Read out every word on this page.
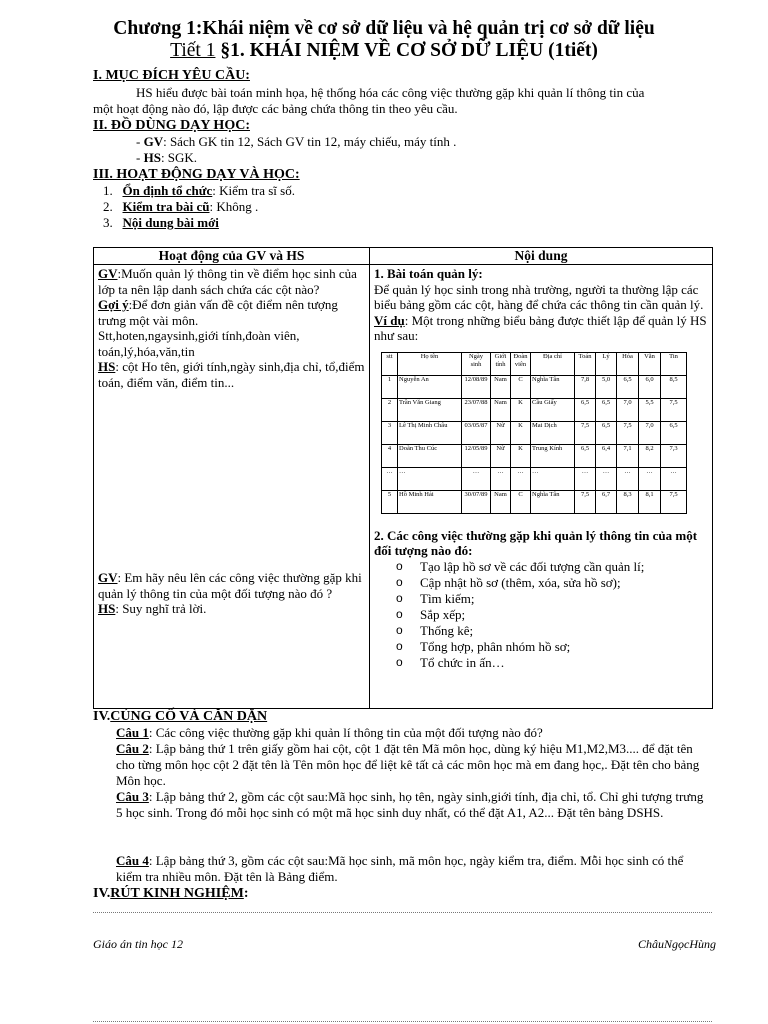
Chương 1:Khái niệm về cơ sở dữ liệu và hệ quản trị cơ sở dữ liệu
Tiết 1 §1. KHÁI NIỆM VỀ CƠ SỞ DỮ LIỆU (1tiết)
I. MỤC ĐÍCH YÊU CẦU:
HS hiểu được bài toán minh họa, hệ thống hóa các công việc thường gặp khi quản lí thông tin của
một hoạt động nào đó, lập được các bảng chứa thông tin theo yêu cầu.
II. ĐỒ DÙNG DẠY HỌC:
- GV: Sách GK tin 12, Sách GV tin 12, máy chiếu, máy tính .
- HS: SGK.
III. HOẠT ĐỘNG DẠY VÀ HỌC:
1. Ổn định tổ chức: Kiểm tra sĩ số.
2. Kiểm tra bài cũ: Không .
3. Nội dung bài mới
Hoạt động của GV và HS	Nội dung

GV:Muốn quản lý thông tin về điểm học sinh của lớp ta nên lập danh sách chứa các cột nào?
Gợi ý:Để đơn giản vấn đề cột điểm nên tượng trưng một vài môn.
Stt,hoten,ngaysinh,giới tính,đoàn viên, toán,lý,hóa,văn,tin
HS: cột Ho tên, giới tính,ngày sinh,địa chỉ, tổ,điểm toán, điểm văn, điểm tin...
GV: Em hãy nêu lên các công việc thường gặp khi quản lý thông tin của một đối tượng nào đó ?
HS: Suy nghĩ trả lời.

1. Bài toán quản lý:
Để quản lý học sinh trong nhà trường, người ta thường lập các biểu bảng gồm các cột, hàng để chứa các thông tin cần quản lý.
Ví dụ: Một trong những biểu bảng được thiết lập để quản lý HS như sau:
stt	Họ tên	Ngày sinh	Giới tính	Đoàn viên	Địa chỉ	Toán	Lý	Hóa	Văn	Tin
1	Nguyễn An	12/08/89	Nam	C	Nghĩa Tân	7,8	5,0	6,5	6,0	8,5
2	Trần Văn Giang	23/07/88	Nam	K	Cầu Giấy	6,5	6,5	7,0	5,5	7,5
3	Lê Thị Minh Châu	03/05/87	Nữ	K	Mai Dịch	7,5	6,5	7,5	7,0	6,5
4	Doãn Thu Cúc	12/05/89	Nữ	K	Trung Kính	6,5	6,4	7,1	8,2	7,3
…	…	…	…	…	…	…	…	…	…	…
5	Hồ Minh Hải	30/07/89	Nam	C	Nghĩa Tân	7,5	6,7	8,3	8,1	7,5
2. Các công việc thường gặp khi quản lý thông tin của một đối tượng nào đó:
o Tạo lập hồ sơ về các đối tượng cần quản lí;
o Cập nhật hồ sơ (thêm, xóa, sửa hồ sơ);
o Tìm kiếm;
o Sắp xếp;
o Thống kê;
o Tổng hợp, phân nhóm hồ sơ;
o Tổ chức in ấn…
IV.CỦNG CỐ VÀ CĂN DẶN
Câu 1: Các công việc thường gặp khi quản lí thông tin của một đối tượng nào đó?
Câu 2: Lập bảng thứ 1 trên giấy gồm hai cột, cột 1 đặt tên Mã môn học, dùng ký hiệu M1,M2,M3.... để đặt tên cho từng môn học cột 2 đặt tên là Tên môn học để liệt kê tất cả các môn học mà em đang học,. Đặt tên cho bảng Môn học.
Câu 3: Lập bảng thứ 2, gồm các cột sau:Mã học sinh, họ tên, ngày sinh,giới tính, địa chỉ, tổ. Chỉ ghi tượng trưng 5 học sinh. Trong đó mỗi học sinh có một mã học sinh duy nhất, có thể đặt A1, A2... Đặt tên bảng DSHS.
Câu 4: Lập bảng thứ 3, gồm các cột sau:Mã học sinh, mã môn học, ngày kiểm tra, điểm. Mỗi học sinh có thể kiểm tra nhiều môn. Đặt tên là Bảng điểm.
IV.RÚT KINH NGHIỆM:
Giáo án tin học 12	ChâuNgọcHùng
